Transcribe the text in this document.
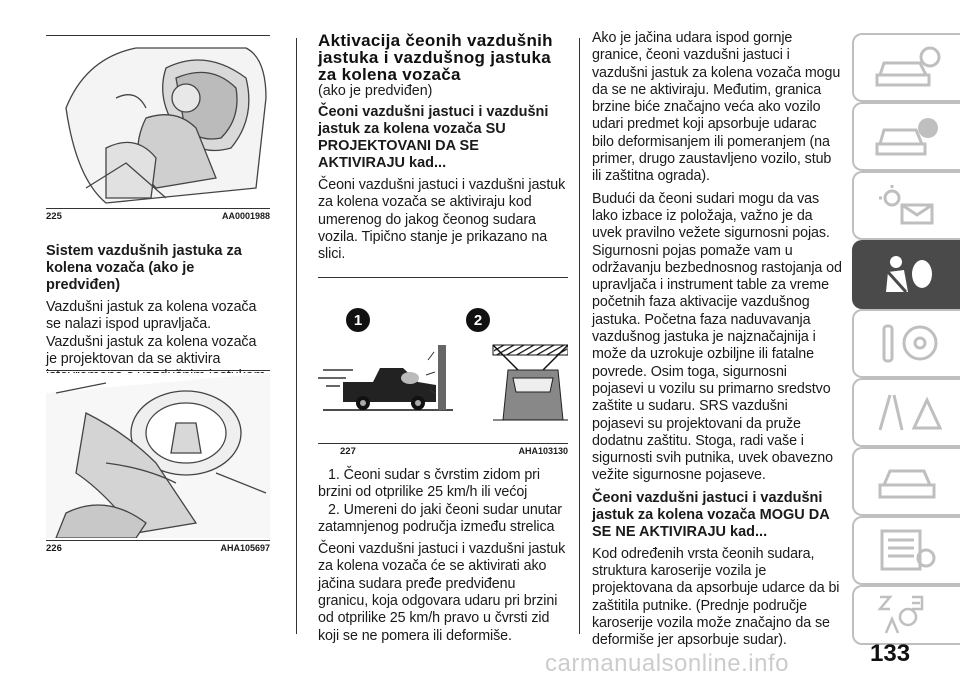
225	AA0001988

Sistem vazdušnih jastuka za kolena vozača (ako je predviđen)

Vazdušni jastuk za kolena vozača se nalazi ispod upravljača. Vazdušni jastuk za kolena vozača je projektovan da se aktivira

226	AHA105697

Aktivacija čeonih vazdušnih jastuka i vazdušnog jastuka za kolena vozača

(ako je predviđen)

Čeoni vazdušni jastuci i vazdušni jastuk za kolena vozača SU PROJEKTOVANI DA SE AKTIVIRAJU kad...

Čeoni vazdušni jastuci i vazdušni jastuk za kolena vozača se aktiviraju kod umerenog do jakog čeonog sudara vozila. Tipično stanje je prikazano na slici.

1	2
227	AHA103130

1. Čeoni sudar s čvrstim zidom pri brzini od otprilike 25 km/h ili većoj

2. Umereni do jaki čeoni sudar unutar zatamnjenog područja između strelica

Čeoni vazdušni jastuci i vazdušni jastuk za kolena vozača će se aktivirati ako jačina sudara pređe predviđenu granicu, koja odgovara udaru pri brzini od otprilike 25 km/h pravo u čvrsti zid koji se ne pomera ili deformiše.

Ako je jačina udara ispod gornje granice, čeoni vazdušni jastuci i vazdušni jastuk za kolena vozača mogu da se ne aktiviraju. Međutim, granica brzine biće značajno veća ako vozilo udari predmet koji apsorbuje udarac bilo deformisanjem ili pomeranjem (na primer, drugo zaustavljeno vozilo, stub ili zaštitna ograda).

Budući da čeoni sudari mogu da vas lako izbace iz položaja, važno je da uvek pravilno vežete sigurnosni pojas. Sigurnosni pojas pomaže vam u održavanju bezbednosnog rastojanja od upravljača i instrument table za vreme početnih faza aktivacije vazdušnog jastuka. Početna faza naduvavanja vazdušnog jastuka je najznačajnija i može da uzrokuje ozbiljne ili fatalne povrede. Osim toga, sigurnosni pojasevi u vozilu su primarno sredstvo zaštite u sudaru. SRS vazdušni pojasevi su projektovani da pruže dodatnu zaštitu. Stoga, radi vaše i sigurnosti svih putnika, uvek obavezno vežite sigurnosne pojaseve.

Čeoni vazdušni jastuci i vazdušni jastuk za kolena vozača MOGU DA SE NE AKTIVIRAJU kad...

Kod određenih vrsta čeonih sudara, struktura karoserije vozila je projektovana da apsorbuje udarce da bi zaštitila putnike. (Prednje područje karoserije vozila može značajno da se deformiše jer apsorbuje sudar).	133
carmanualsonline.info
